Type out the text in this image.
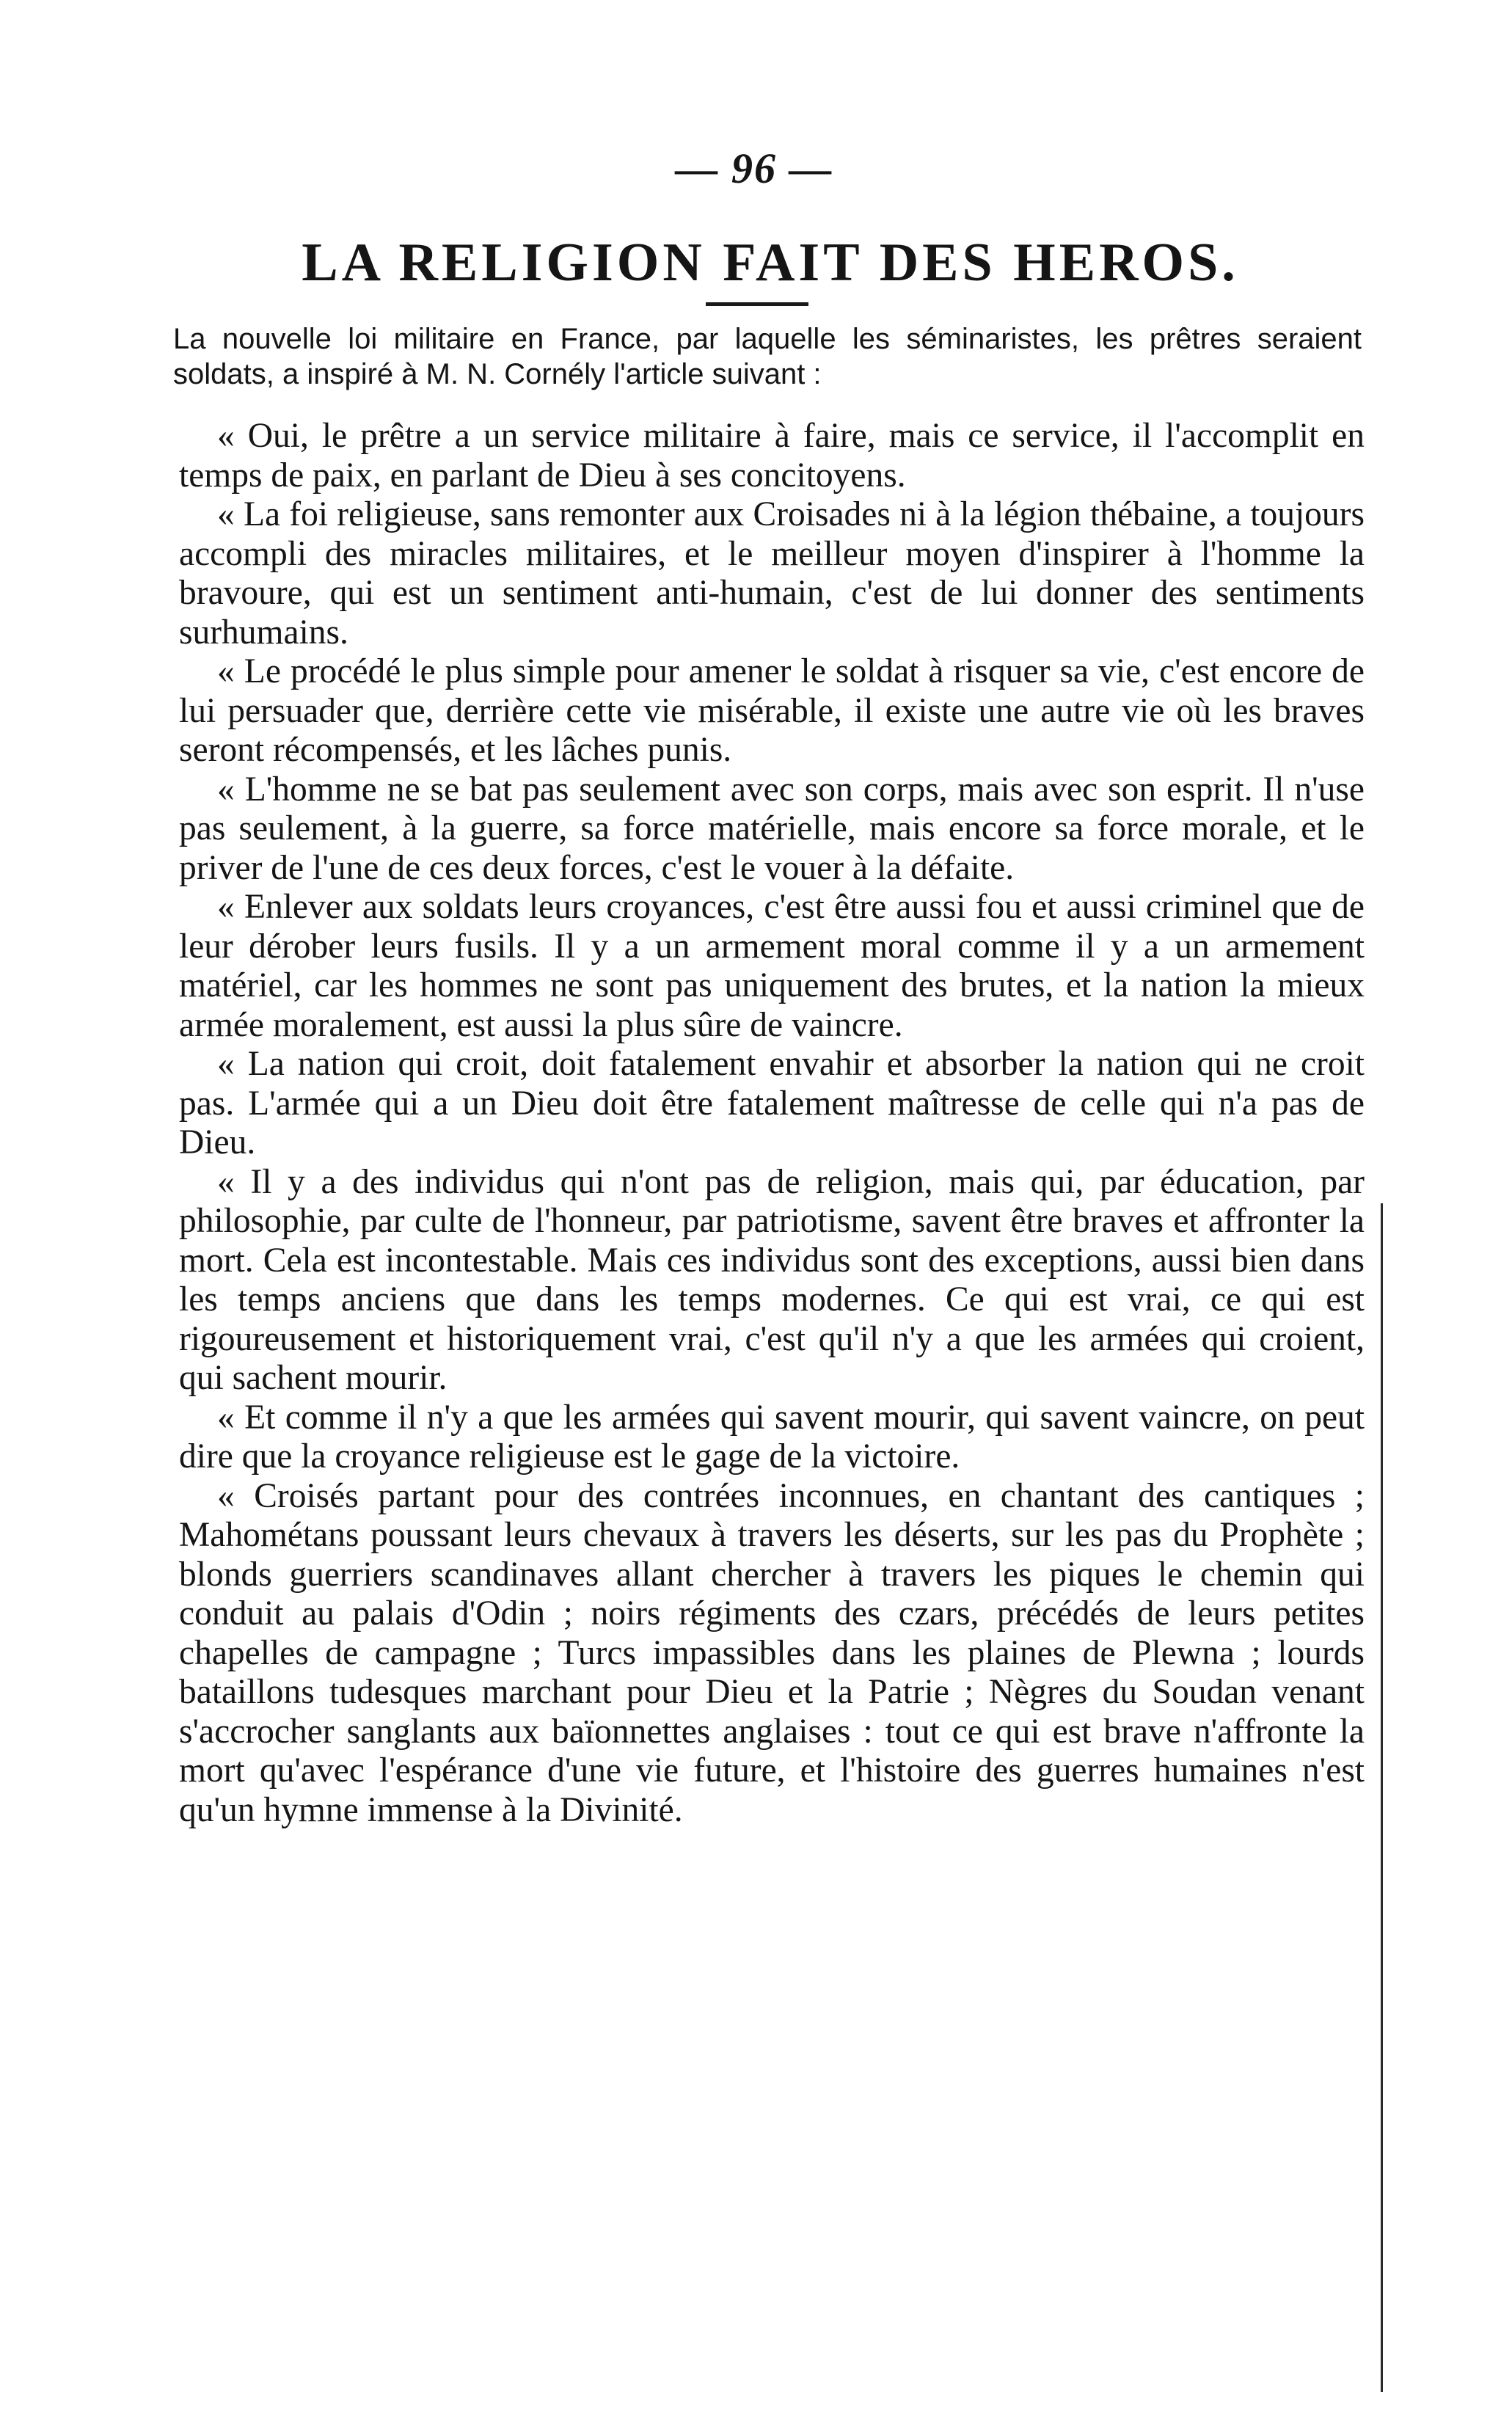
— 96 —
LA RELIGION FAIT DES HEROS.
La nouvelle loi militaire en France, par laquelle les séminaristes, les prêtres seraient soldats, a inspiré à M. N. Cornély l'article suivant :

« Oui, le prêtre a un service militaire à faire, mais ce service, il l'accomplit en temps de paix, en parlant de Dieu à ses concitoyens.

« La foi religieuse, sans remonter aux Croisades ni à la légion thébaine, a toujours accompli des miracles militaires, et le meilleur moyen d'inspirer à l'homme la bravoure, qui est un sentiment anti-humain, c'est de lui donner des sentiments surhumains.

« Le procédé le plus simple pour amener le soldat à risquer sa vie, c'est encore de lui persuader que, derrière cette vie misérable, il existe une autre vie où les braves seront récompensés, et les lâches punis.

« L'homme ne se bat pas seulement avec son corps, mais avec son esprit. Il n'use pas seulement, à la guerre, sa force matérielle, mais encore sa force morale, et le priver de l'une de ces deux forces, c'est le vouer à la défaite.

« Enlever aux soldats leurs croyances, c'est être aussi fou et aussi criminel que de leur dérober leurs fusils. Il y a un armement moral comme il y a un armement matériel, car les hommes ne sont pas uniquement des brutes, et la nation la mieux armée moralement, est aussi la plus sûre de vaincre.

« La nation qui croit, doit fatalement envahir et absorber la nation qui ne croit pas. L'armée qui a un Dieu doit être fatalement maîtresse de celle qui n'a pas de Dieu.

« Il y a des individus qui n'ont pas de religion, mais qui, par éducation, par philosophie, par culte de l'honneur, par patriotisme, savent être braves et affronter la mort. Cela est incontestable. Mais ces individus sont des exceptions, aussi bien dans les temps anciens que dans les temps modernes. Ce qui est vrai, ce qui est rigoureusement et historiquement vrai, c'est qu'il n'y a que les armées qui croient, qui sachent mourir.

« Et comme il n'y a que les armées qui savent mourir, qui savent vaincre, on peut dire que la croyance religieuse est le gage de la victoire.

« Croisés partant pour des contrées inconnues, en chantant des cantiques ; Mahométans poussant leurs chevaux à travers les déserts, sur les pas du Prophète ; blonds guerriers scandinaves allant chercher à travers les piques le chemin qui conduit au palais d'Odin ; noirs régiments des czars, précédés de leurs petites chapelles de campagne ; Turcs impassibles dans les plaines de Plewna ; lourds bataillons tudesques marchant pour Dieu et la Patrie ; Nègres du Soudan venant s'accrocher sanglants aux baïonnettes anglaises : tout ce qui est brave n'affronte la mort qu'avec l'espérance d'une vie future, et l'histoire des guerres humaines n'est qu'un hymne immense à la Divinité.
